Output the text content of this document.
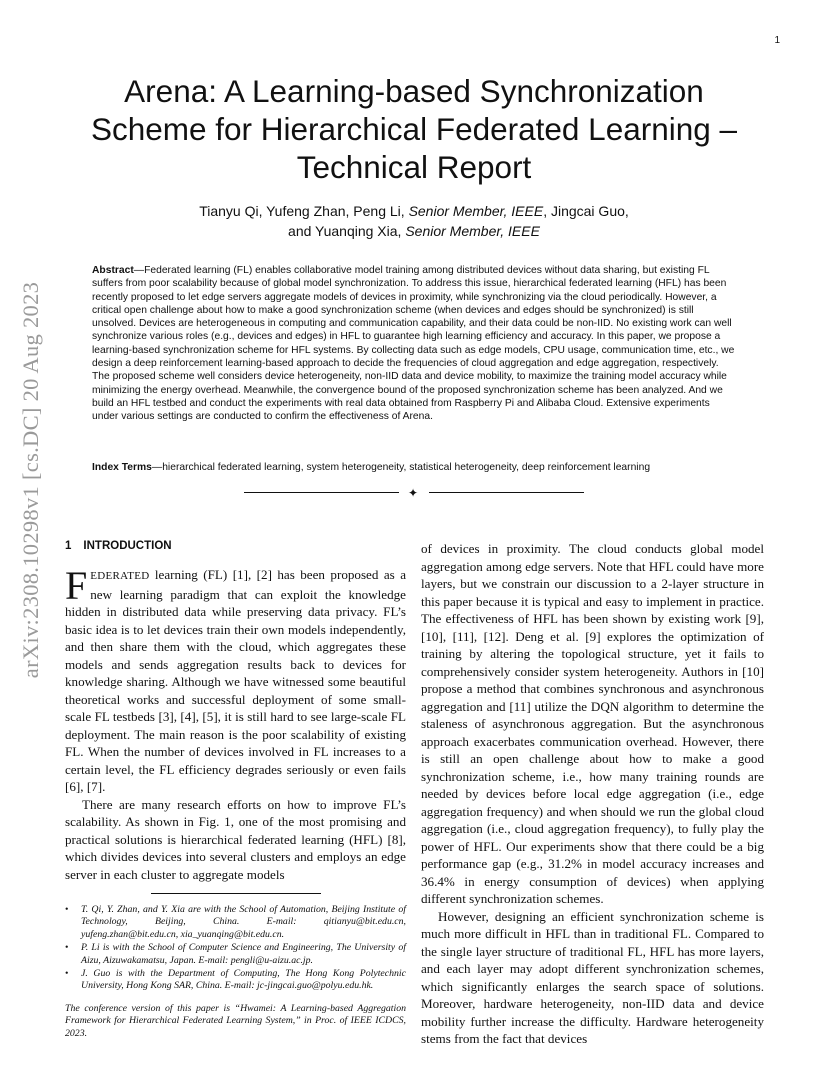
1
arXiv:2308.10298v1 [cs.DC] 20 Aug 2023
Arena: A Learning-based Synchronization Scheme for Hierarchical Federated Learning – Technical Report

Tianyu Qi, Yufeng Zhan, Peng Li, Senior Member, IEEE, Jingcai Guo,
and Yuanqing Xia, Senior Member, IEEE

Abstract—Federated learning (FL) enables collaborative model training among distributed devices without data sharing, but existing FL suffers from poor scalability because of global model synchronization. To address this issue, hierarchical federated learning (HFL) has been recently proposed to let edge servers aggregate models of devices in proximity, while synchronizing via the cloud periodically. However, a critical open challenge about how to make a good synchronization scheme (when devices and edges should be synchronized) is still unsolved. Devices are heterogeneous in computing and communication capability, and their data could be non-IID. No existing work can well synchronize various roles (e.g., devices and edges) in HFL to guarantee high learning efficiency and accuracy. In this paper, we propose a learning-based synchronization scheme for HFL systems. By collecting data such as edge models, CPU usage, communication time, etc., we design a deep reinforcement learning-based approach to decide the frequencies of cloud aggregation and edge aggregation, respectively. The proposed scheme well considers device heterogeneity, non-IID data and device mobility, to maximize the training model accuracy while minimizing the energy overhead. Meanwhile, the convergence bound of the proposed synchronization scheme has been analyzed. And we build an HFL testbed and conduct the experiments with real data obtained from Raspberry Pi and Alibaba Cloud. Extensive experiments under various settings are conducted to confirm the effectiveness of Arena.

Index Terms—hierarchical federated learning, system heterogeneity, statistical heterogeneity, deep reinforcement learning

✦
1 INTRODUCTION

FEDERATED learning (FL) [1], [2] has been proposed as a new learning paradigm that can exploit the knowledge hidden in distributed data while preserving data privacy. FL’s basic idea is to let devices train their own models independently, and then share them with the cloud, which aggregates these models and sends aggregation results back to devices for knowledge sharing. Although we have witnessed some beautiful theoretical works and successful deployment of some small-scale FL testbeds [3], [4], [5], it is still hard to see large-scale FL deployment. The main reason is the poor scalability of existing FL. When the number of devices involved in FL increases to a certain level, the FL efficiency degrades seriously or even fails [6], [7].

There are many research efforts on how to improve FL’s scalability. As shown in Fig. 1, one of the most promising and practical solutions is hierarchical federated learning (HFL) [8], which divides devices into several clusters and employs an edge server in each cluster to aggregate models

• T. Qi, Y. Zhan, and Y. Xia are with the School of Automation, Beijing Institute of Technology, Beijing, China. E-mail: qitianyu@bit.edu.cn, yufeng.zhan@bit.edu.cn, xia_yuanqing@bit.edu.cn.
• P. Li is with the School of Computer Science and Engineering, The University of Aizu, Aizuwakamatsu, Japan. E-mail: pengli@u-aizu.ac.jp.
• J. Guo is with the Department of Computing, The Hong Kong Polytechnic University, Hong Kong SAR, China. E-mail: jc-jingcai.guo@polyu.edu.hk.

The conference version of this paper is “Hwamei: A Learning-based Aggregation Framework for Hierarchical Federated Learning System,” in Proc. of IEEE ICDCS, 2023.

of devices in proximity. The cloud conducts global model aggregation among edge servers. Note that HFL could have more layers, but we constrain our discussion to a 2-layer structure in this paper because it is typical and easy to implement in practice. The effectiveness of HFL has been shown by existing work [9], [10], [11], [12]. Deng et al. [9] explores the optimization of training by altering the topological structure, yet it fails to comprehensively consider system heterogeneity. Authors in [10] propose a method that combines synchronous and asynchronous aggregation and [11] utilize the DQN algorithm to determine the staleness of asynchronous aggregation. But the asynchronous approach exacerbates communication overhead. However, there is still an open challenge about how to make a good synchronization scheme, i.e., how many training rounds are needed by devices before local edge aggregation (i.e., edge aggregation frequency) and when should we run the global cloud aggregation (i.e., cloud aggregation frequency), to fully play the power of HFL. Our experiments show that there could be a big performance gap (e.g., 31.2% in model accuracy increases and 36.4% in energy consumption of devices) when applying different synchronization schemes.

However, designing an efficient synchronization scheme is much more difficult in HFL than in traditional FL. Compared to the single layer structure of traditional FL, HFL has more layers, and each layer may adopt different synchronization schemes, which significantly enlarges the search space of solutions. Moreover, hardware heterogeneity, non-IID data and device mobility further increase the difficulty. Hardware heterogeneity stems from the fact that devices
